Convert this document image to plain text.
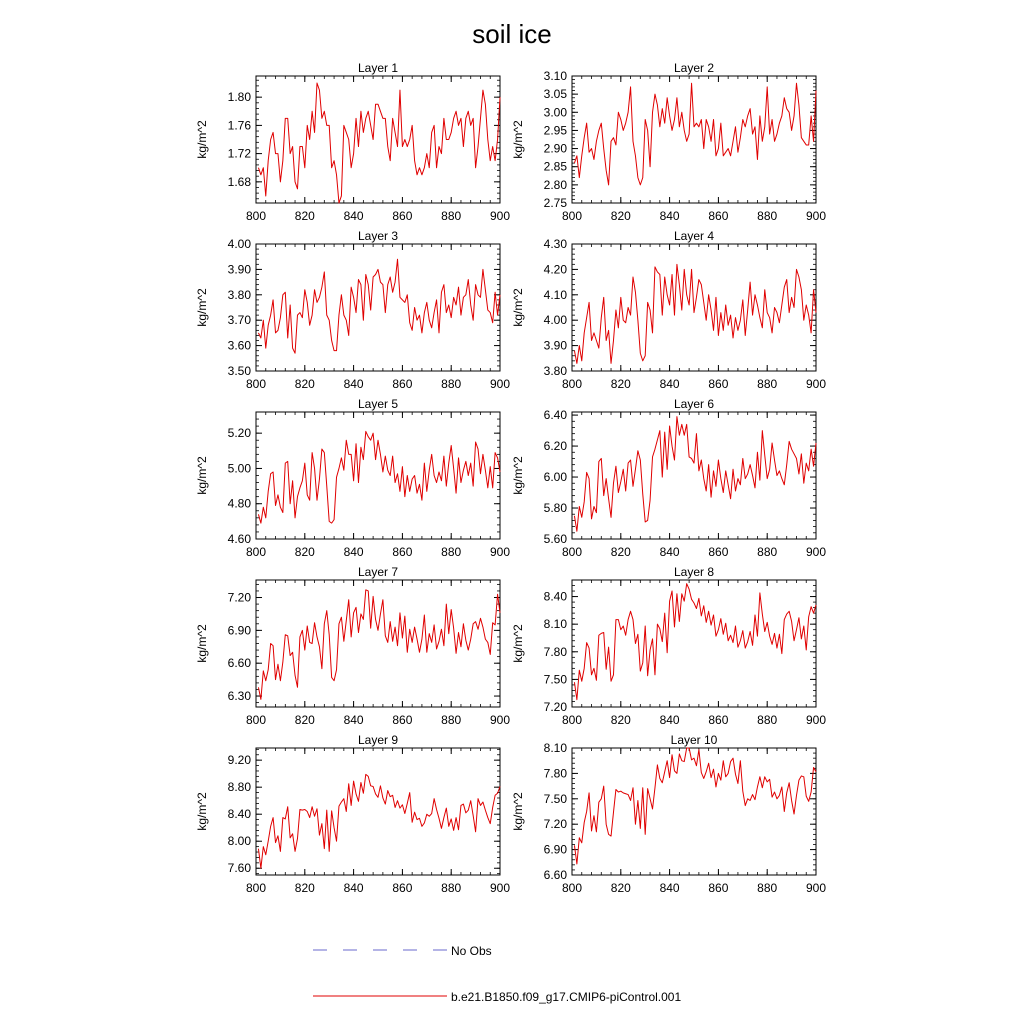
soil ice
800 820 840 860 880 900
1.68
1.72
1.76
1.80
Layer 1
kg/m^2
800 820 840 860 880 900
2.75
2.80
2.85
2.90
2.95
3.00
3.05
3.10
Layer 2
kg/m^2
800 820 840 860 880 900
3.50
3.60
3.70
3.80
3.90
4.00
Layer 3
kg/m^2
800 820 840 860 880 900
3.80
3.90
4.00
4.10
4.20
4.30
Layer 4
kg/m^2
800 820 840 860 880 900
4.60
4.80
5.00
5.20
Layer 5
kg/m^2
800 820 840 860 880 900
5.60
5.80
6.00
6.20
6.40
Layer 6
kg/m^2
800 820 840 860 880 900
6.30
6.60
6.90
7.20
Layer 7
kg/m^2
800 820 840 860 880 900
7.20
7.50
7.80
8.10
8.40
Layer 8
kg/m^2
800 820 840 860 880 900
7.60
8.00
8.40
8.80
9.20
Layer 9
kg/m^2
800 820 840 860 880 900
6.60
6.90
7.20
7.50
7.80
8.10
Layer 10
kg/m^2
No Obs
b.e21.B1850.f09_g17.CMIP6-piControl.001
